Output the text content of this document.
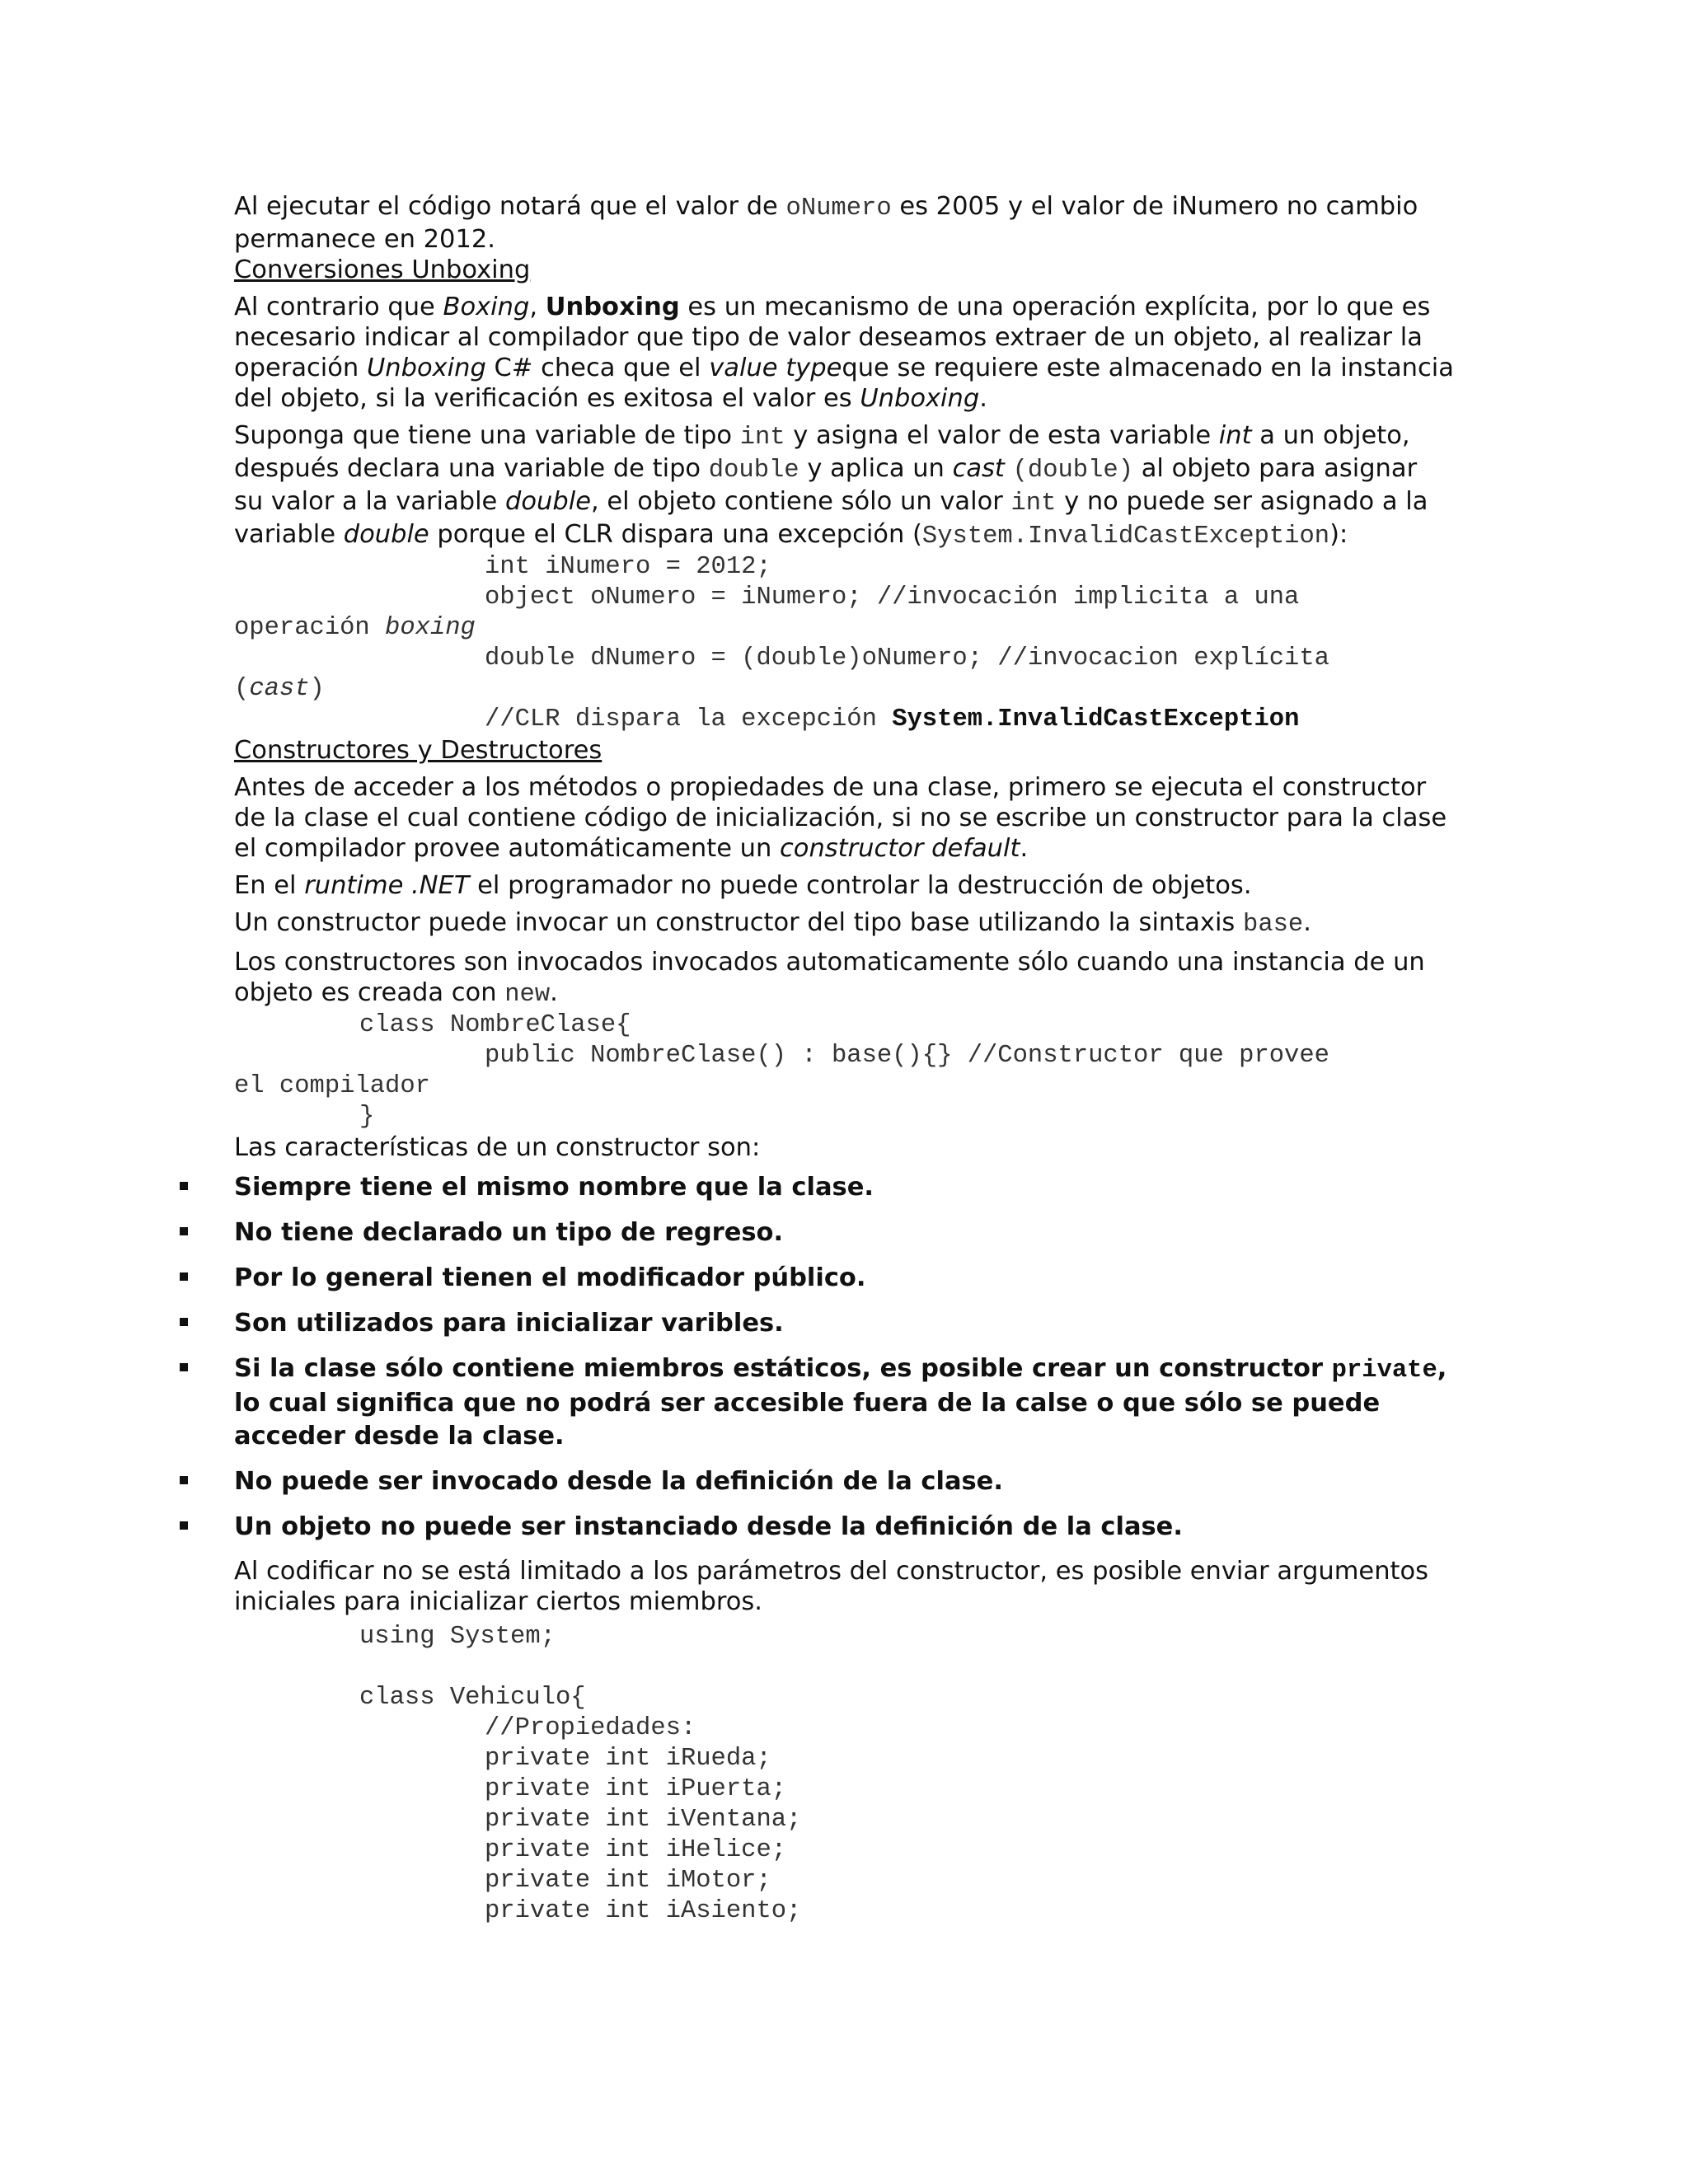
Al ejecutar el código notará que el valor de oNumero es 2005 y el valor de iNumero no cambio permanece en 2012.

Conversiones Unboxing

Al contrario que Boxing, Unboxing es un mecanismo de una operación explícita, por lo que es necesario indicar al compilador que tipo de valor deseamos extraer de un objeto, al realizar la operación Unboxing C# checa que el value typeque se requiere este almacenado en la instancia del objeto, si la verificación es exitosa el valor es Unboxing.

Suponga que tiene una variable de tipo int y asigna el valor de esta variable int a un objeto, después declara una variable de tipo double y aplica un cast (double) al objeto para asignar su valor a la variable double, el objeto contiene sólo un valor int y no puede ser asignado a la variable double porque el CLR dispara una excepción (System.InvalidCastException):

int iNumero = 2012;
object oNumero = iNumero; //invocación implicita a una
operación boxing
double dNumero = (double)oNumero; //invocacion explícita
(cast)
//CLR dispara la excepción System.InvalidCastException

Constructores y Destructores

Antes de acceder a los métodos o propiedades de una clase, primero se ejecuta el constructor de la clase el cual contiene código de inicialización, si no se escribe un constructor para la clase el compilador provee automáticamente un constructor default.

En el runtime .NET el programador no puede controlar la destrucción de objetos.

Un constructor puede invocar un constructor del tipo base utilizando la sintaxis base.

Los constructores son invocados invocados automaticamente sólo cuando una instancia de un objeto es creada con new.

class NombreClase{
public NombreClase() : base(){} //Constructor que provee
el compilador
}

Las características de un constructor son:

Siempre tiene el mismo nombre que la clase.
No tiene declarado un tipo de regreso.
Por lo general tienen el modificador público.
Son utilizados para inicializar varibles.
Si la clase sólo contiene miembros estáticos, es posible crear un constructor private, lo cual significa que no podrá ser accesible fuera de la calse o que sólo se puede acceder desde la clase.
No puede ser invocado desde la definición de la clase.
Un objeto no puede ser instanciado desde la definición de la clase.

Al codificar no se está limitado a los parámetros del constructor, es posible enviar argumentos iniciales para inicializar ciertos miembros.

using System;
class Vehiculo{
//Propiedades:
private int iRueda;
private int iPuerta;
private int iVentana;
private int iHelice;
private int iMotor;
private int iAsiento;
